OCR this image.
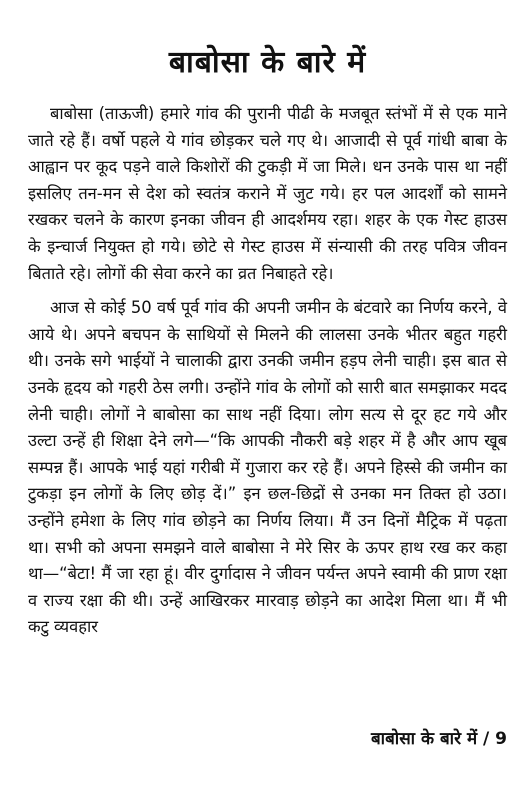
बाबोसा के बारे में

बाबोसा (ताऊजी) हमारे गांव की पुरानी पीढी के मजबूत स्तंभों में से एक माने जाते रहे हैं। वर्षो पहले ये गांव छोड़कर चले गए थे। आजादी से पूर्व गांधी बाबा के आह्वान पर कूद पड़ने वाले किशोरों की टुकड़ी में जा मिले। धन उनके पास था नहीं इसलिए तन-मन से देश को स्वतंत्र कराने में जुट गये। हर पल आदर्शों को सामने रखकर चलने के कारण इनका जीवन ही आदर्शमय रहा। शहर के एक गेस्ट हाउस के इन्चार्ज नियुक्त हो गये। छोटे से गेस्ट हाउस में संन्यासी की तरह पवित्र जीवन बिताते रहे। लोगों की सेवा करने का व्रत निबाहते रहे।

आज से कोई 50 वर्ष पूर्व गांव की अपनी जमीन के बंटवारे का निर्णय करने, वे आये थे। अपने बचपन के साथियों से मिलने की लालसा उनके भीतर बहुत गहरी थी। उनके सगे भाईयों ने चालाकी द्वारा उनकी जमीन हड़प लेनी चाही। इस बात से उनके हृदय को गहरी ठेस लगी। उन्होंने गांव के लोगों को सारी बात समझाकर मदद लेनी चाही। लोगों ने बाबोसा का साथ नहीं दिया। लोग सत्य से दूर हट गये और उल्टा उन्हें ही शिक्षा देने लगे—“कि आपकी नौकरी बड़े शहर में है और आप खूब सम्पन्न हैं। आपके भाई यहां गरीबी में गुजारा कर रहे हैं। अपने हिस्से की जमीन का टुकड़ा इन लोगों के लिए छोड़ दें।” इन छल-छिद्रों से उनका मन तिक्त हो उठा। उन्होंने हमेशा के लिए गांव छोड़ने का निर्णय लिया। मैं उन दिनों मैट्रिक में पढ़ता था। सभी को अपना समझने वाले बाबोसा ने मेरे सिर के ऊपर हाथ रख कर कहा था—“बेटा! मैं जा रहा हूं। वीर दुर्गादास ने जीवन पर्यन्त अपने स्वामी की प्राण रक्षा व राज्य रक्षा की थी। उन्हें आखिरकर मारवाड़ छोड़ने का आदेश मिला था। मैं भी कटु व्यवहार

बाबोसा के बारे में / 9
